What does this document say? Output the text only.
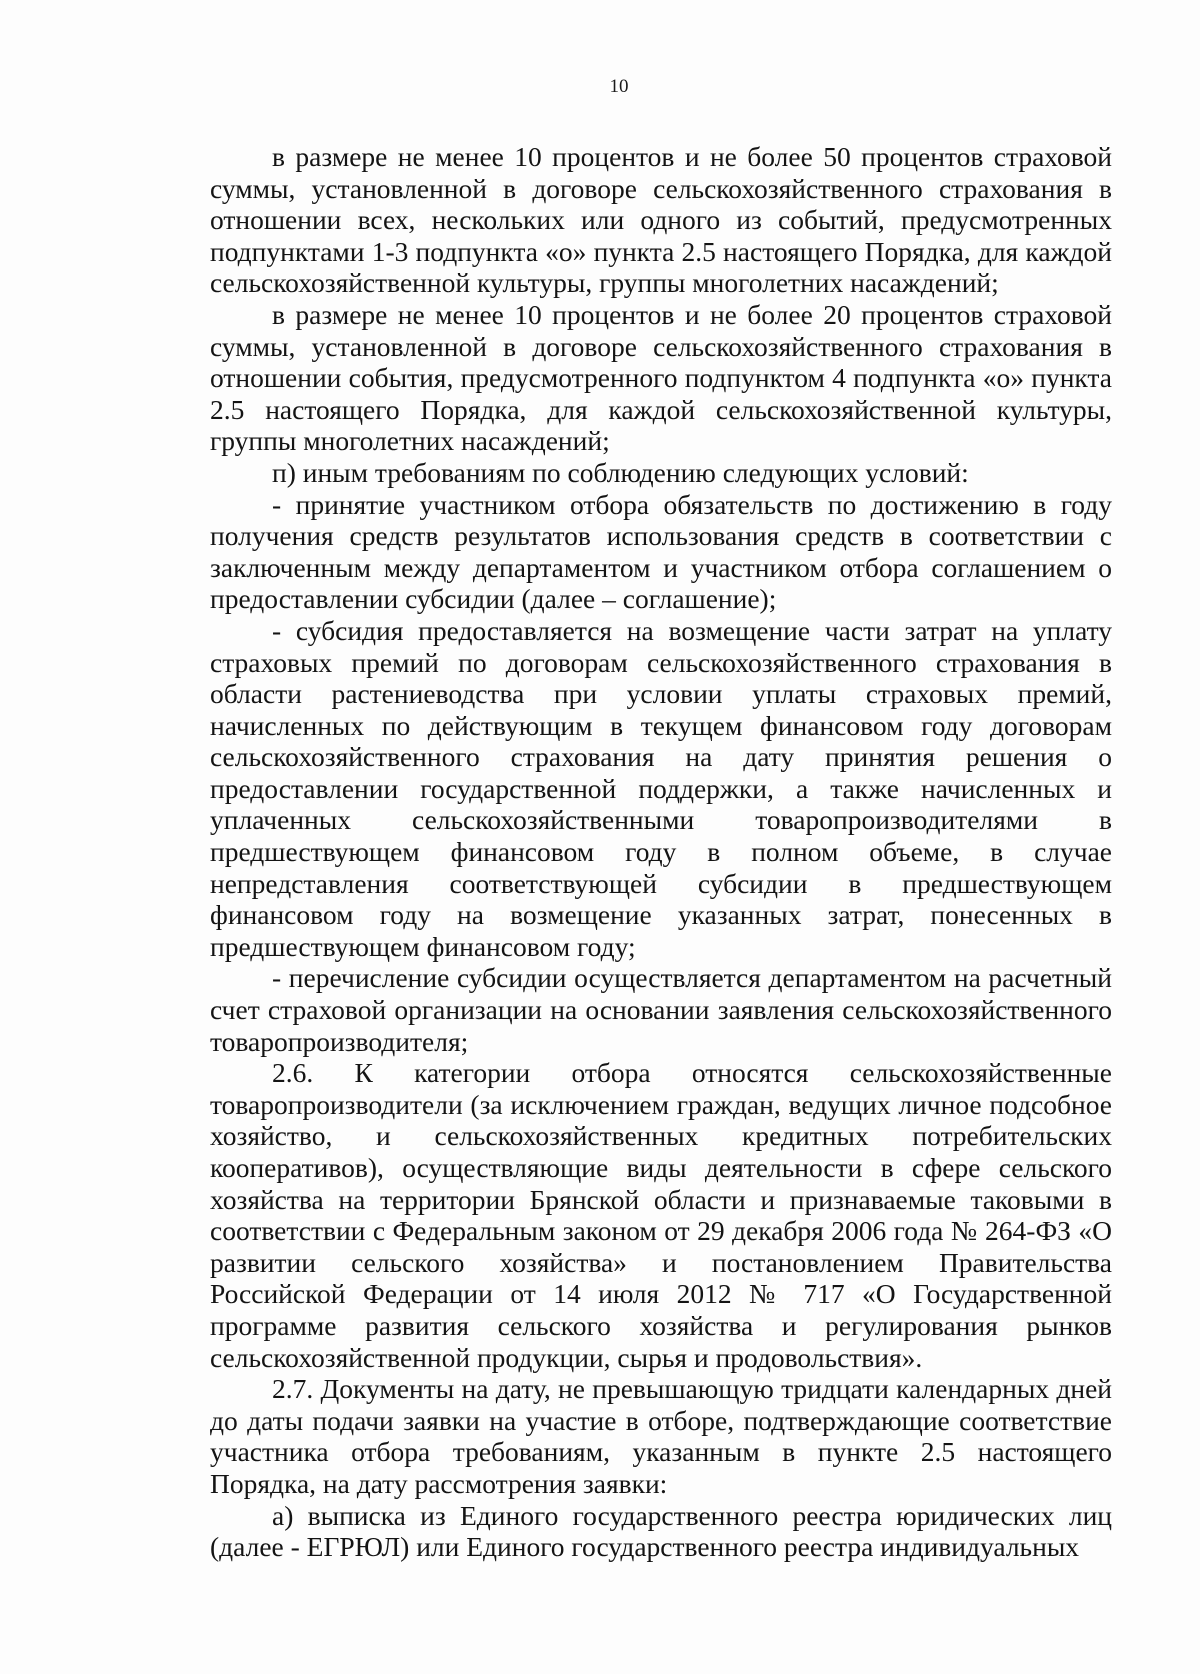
10

в размере не менее 10 процентов и не более 50 процентов страховой суммы, установленной в договоре сельскохозяйственного страхования в отношении всех, нескольких или одного из событий, предусмотренных подпунктами 1-3 подпункта «о» пункта 2.5 настоящего Порядка, для каждой сельскохозяйственной культуры, группы многолетних насаждений;

в размере не менее 10 процентов и не более 20 процентов страховой суммы, установленной в договоре сельскохозяйственного страхования в отношении события, предусмотренного подпунктом 4 подпункта «о» пункта 2.5 настоящего Порядка, для каждой сельскохозяйственной культуры, группы многолетних насаждений;

п) иным требованиям по соблюдению следующих условий:

- принятие участником отбора обязательств по достижению в году получения средств результатов использования средств в соответствии с заключенным между департаментом и участником отбора соглашением о предоставлении субсидии (далее – соглашение);

- субсидия предоставляется на возмещение части затрат на уплату страховых премий по договорам сельскохозяйственного страхования в области растениеводства при условии уплаты страховых премий, начисленных по действующим в текущем финансовом году договорам сельскохозяйственного страхования на дату принятия решения о предоставлении государственной поддержки, а также начисленных и уплаченных сельскохозяйственными товаропроизводителями в предшествующем финансовом году в полном объеме, в случае непредставления соответствующей субсидии в предшествующем финансовом году на возмещение указанных затрат, понесенных в предшествующем финансовом году;

- перечисление субсидии осуществляется департаментом на расчетный счет страховой организации на основании заявления сельскохозяйственного товаропроизводителя;

2.6. К категории отбора относятся сельскохозяйственные товаропроизводители (за исключением граждан, ведущих личное подсобное хозяйство, и сельскохозяйственных кредитных потребительских кооперативов), осуществляющие виды деятельности в сфере сельского хозяйства на территории Брянской области и признаваемые таковыми в соответствии с Федеральным законом от 29 декабря 2006 года № 264-ФЗ «О развитии сельского хозяйства» и постановлением Правительства Российской Федерации от 14 июля 2012 № 717 «О Государственной программе развития сельского хозяйства и регулирования рынков сельскохозяйственной продукции, сырья и продовольствия».

2.7. Документы на дату, не превышающую тридцати календарных дней до даты подачи заявки на участие в отборе, подтверждающие соответствие участника отбора требованиям, указанным в пункте 2.5 настоящего Порядка, на дату рассмотрения заявки:

а) выписка из Единого государственного реестра юридических лиц (далее - ЕГРЮЛ) или Единого государственного реестра индивидуальных
